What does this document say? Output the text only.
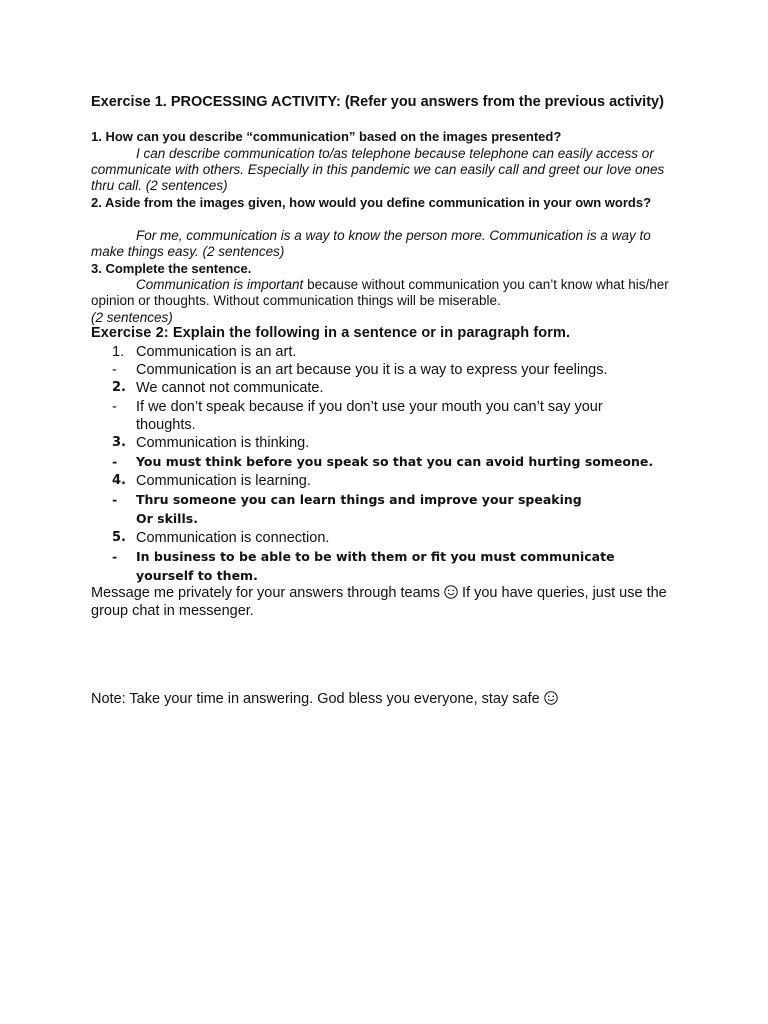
Exercise 1. PROCESSING ACTIVITY: (Refer you answers from the previous activity)
1. How can you describe “communication” based on the images presented?
I can describe communication to/as telephone because telephone can easily access or communicate with others. Especially in this pandemic we can easily call and greet our love ones thru call. (2 sentences)
2. Aside from the images given, how would you define communication in your own words?
For me, communication is a way to know the person more. Communication is a way to make things easy. (2 sentences)
3. Complete the sentence.
Communication is important because without communication you can’t know what his/her opinion or thoughts. Without communication things will be miserable.
(2 sentences)
Exercise 2: Explain the following in a sentence or in paragraph form.
1. Communication is an art.
-	Communication is an art because you it is a way to express your feelings.
2. We cannot not communicate.
-	If we don’t speak because if you don’t use your mouth you can’t say your thoughts.
3. Communication is thinking.
-	You must think before you speak so that you can avoid hurting someone.
4. Communication is learning.
-	Thru someone you can learn things and improve your speaking
Or skills.
5. Communication is connection.
-	In business to be able to be with them or fit you must communicate yourself to them.
Message me privately for your answers through teams  If you have queries, just use the group chat in messenger.
Note: Take your time in answering. God bless you everyone, stay safe
